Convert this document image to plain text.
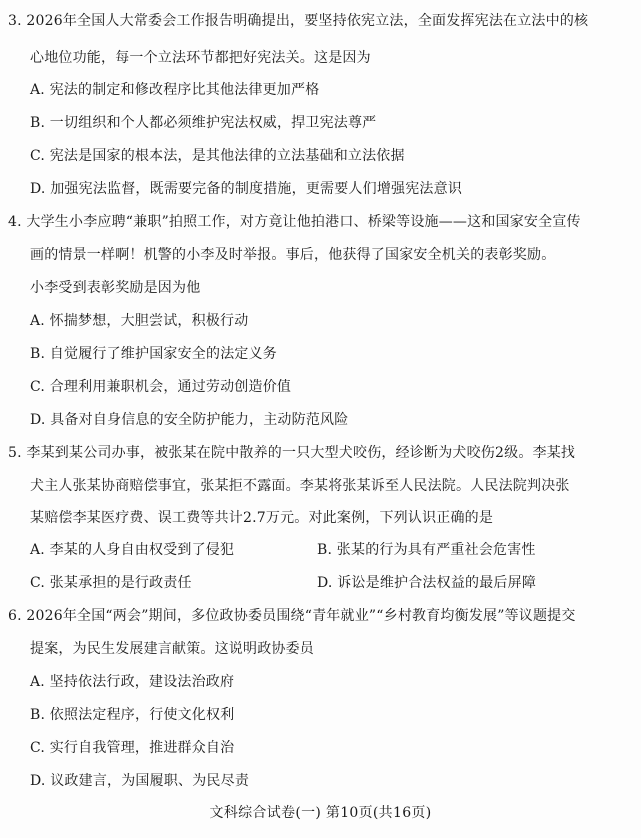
3. 2026年全国人大常委会工作报告明确提出，要坚持依宪立法，全面发挥宪法在立法中的核
心地位功能，每一个立法环节都把好宪法关。这是因为
A. 宪法的制定和修改程序比其他法律更加严格
B. 一切组织和个人都必须维护宪法权威，捍卫宪法尊严
C. 宪法是国家的根本法，是其他法律的立法基础和立法依据
D. 加强宪法监督，既需要完备的制度措施，更需要人们增强宪法意识
4. 大学生小李应聘“兼职”拍照工作，对方竟让他拍港口、桥梁等设施——这和国家安全宣传
画的情景一样啊！机警的小李及时举报。事后，他获得了国家安全机关的表彰奖励。
小李受到表彰奖励是因为他
A. 怀揣梦想，大胆尝试，积极行动
B. 自觉履行了维护国家安全的法定义务
C. 合理利用兼职机会，通过劳动创造价值
D. 具备对自身信息的安全防护能力，主动防范风险
5. 李某到某公司办事，被张某在院中散养的一只大型犬咬伤，经诊断为犬咬伤2级。李某找
犬主人张某协商赔偿事宜，张某拒不露面。李某将张某诉至人民法院。人民法院判决张
某赔偿李某医疗费、误工费等共计2.7万元。对此案例，下列认识正确的是
A. 李某的人身自由权受到了侵犯	B. 张某的行为具有严重社会危害性
C. 张某承担的是行政责任	D. 诉讼是维护合法权益的最后屏障
6. 2026年全国“两会”期间，多位政协委员围绕“青年就业”“乡村教育均衡发展”等议题提交
提案，为民生发展建言献策。这说明政协委员
A. 坚持依法行政，建设法治政府
B. 依照法定程序，行使文化权利
C. 实行自我管理，推进群众自治
D. 议政建言，为国履职、为民尽责
文科综合试卷(一) 第10页(共16页)
